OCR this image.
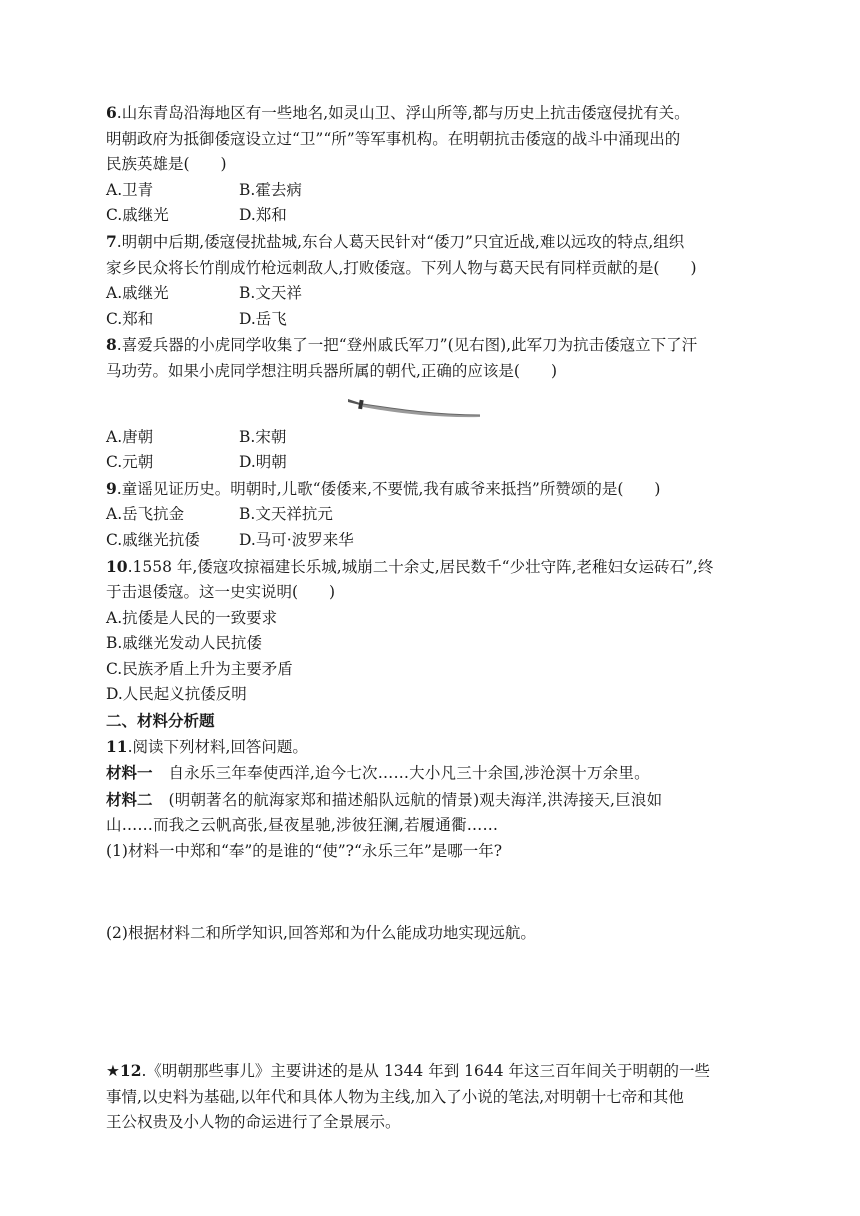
6.山东青岛沿海地区有一些地名,如灵山卫、浮山所等,都与历史上抗击倭寇侵扰有关。
明朝政府为抵御倭寇设立过“卫”“所”等军事机构。在明朝抗击倭寇的战斗中涌现出的
民族英雄是(　　)
A.卫青	B.霍去病
C.戚继光	D.郑和
7.明朝中后期,倭寇侵扰盐城,东台人葛天民针对“倭刀”只宜近战,难以远攻的特点,组织
家乡民众将长竹削成竹枪远刺敌人,打败倭寇。下列人物与葛天民有同样贡献的是(　　)
A.戚继光	B.文天祥
C.郑和	D.岳飞
8.喜爱兵器的小虎同学收集了一把“登州戚氏军刀”(见右图),此军刀为抗击倭寇立下了汗
马功劳。如果小虎同学想注明兵器所属的朝代,正确的应该是(　　)
A.唐朝	B.宋朝
C.元朝	D.明朝
9.童谣见证历史。明朝时,儿歌“倭倭来,不要慌,我有戚爷来抵挡”所赞颂的是(　　)
A.岳飞抗金	B.文天祥抗元
C.戚继光抗倭	D.马可·波罗来华
10.1558 年,倭寇攻掠福建长乐城,城崩二十余丈,居民数千“少壮守阵,老稚妇女运砖石”,终
于击退倭寇。这一史实说明(　　)
A.抗倭是人民的一致要求
B.戚继光发动人民抗倭
C.民族矛盾上升为主要矛盾
D.人民起义抗倭反明
二、材料分析题
11.阅读下列材料,回答问题。
材料一 自永乐三年奉使西洋,迨今七次……大小凡三十余国,涉沧溟十万余里。
材料二 (明朝著名的航海家郑和描述船队远航的情景)观夫海洋,洪涛接天,巨浪如
山……而我之云帆高张,昼夜星驰,涉彼狂澜,若履通衢……
(1)材料一中郑和“奉”的是谁的“使”?“永乐三年”是哪一年?
(2)根据材料二和所学知识,回答郑和为什么能成功地实现远航。
★12.《明朝那些事儿》主要讲述的是从 1344 年到 1644 年这三百年间关于明朝的一些
事情,以史料为基础,以年代和具体人物为主线,加入了小说的笔法,对明朝十七帝和其他
王公权贵及小人物的命运进行了全景展示。
